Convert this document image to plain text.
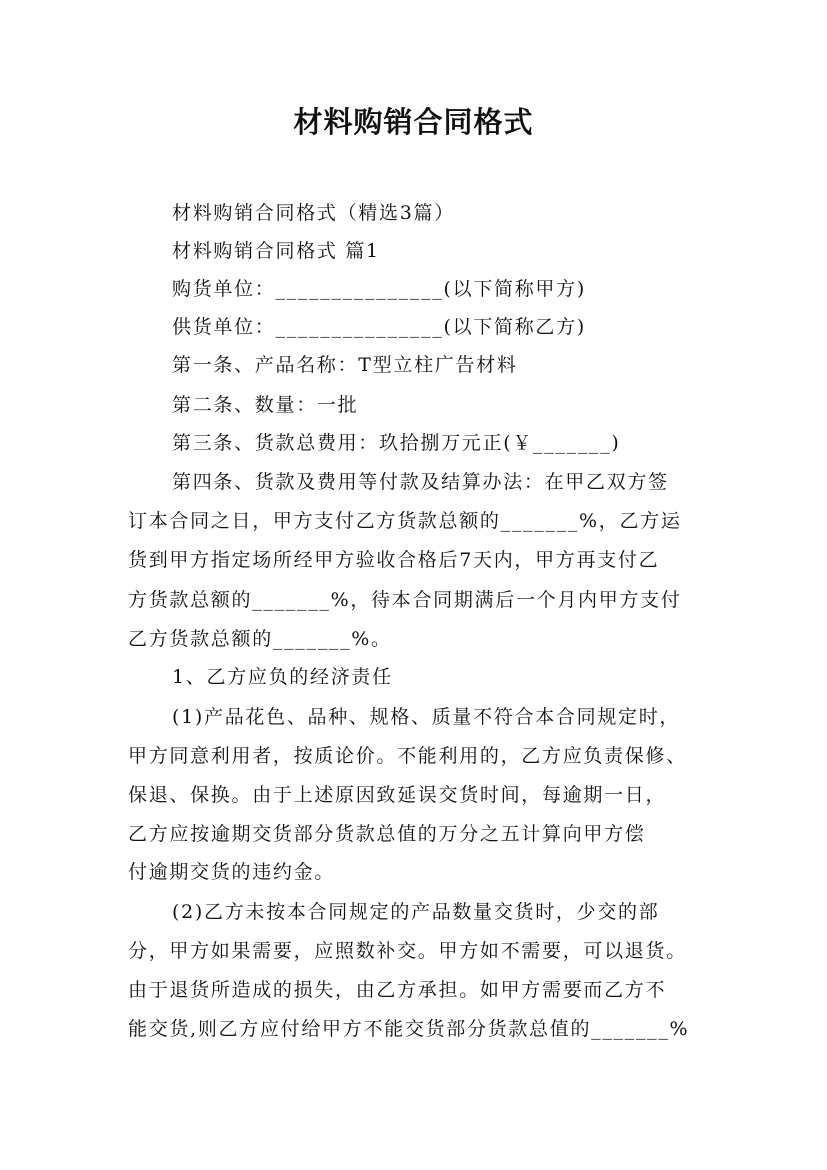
材料购销合同格式
材料购销合同格式（精选3篇）
材料购销合同格式 篇1
购货单位：_______________(以下简称甲方)
供货单位：_______________(以下简称乙方)
第一条、产品名称：T型立柱广告材料
第二条、数量：一批
第三条、货款总费用：玖拾捌万元正(￥_______)
第四条、货款及费用等付款及结算办法：在甲乙双方签
订本合同之日，甲方支付乙方货款总额的_______%，乙方运
货到甲方指定场所经甲方验收合格后7天内，甲方再支付乙
方货款总额的_______%，待本合同期满后一个月内甲方支付
乙方货款总额的_______%。
1、乙方应负的经济责任
(1)产品花色、品种、规格、质量不符合本合同规定时，
甲方同意利用者，按质论价。不能利用的，乙方应负责保修、
保退、保换。由于上述原因致延误交货时间，每逾期一日，
乙方应按逾期交货部分货款总值的万分之五计算向甲方偿
付逾期交货的违约金。
(2)乙方未按本合同规定的产品数量交货时，少交的部
分，甲方如果需要，应照数补交。甲方如不需要，可以退货。
由于退货所造成的损失，由乙方承担。如甲方需要而乙方不
能交货,则乙方应付给甲方不能交货部分货款总值的_______%
